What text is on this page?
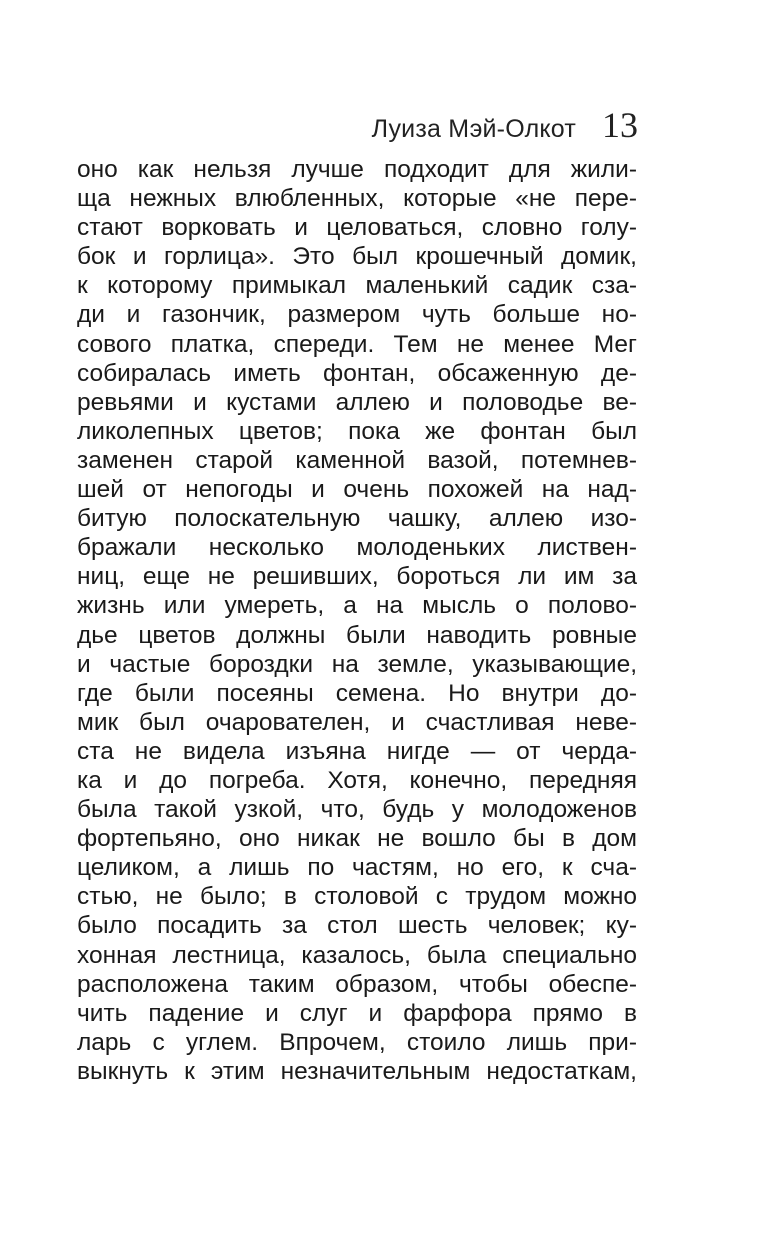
Луиза Мэй-Олкот 13
оно как нельзя лучше подходит для жили-
ща нежных влюбленных, которые «не пере-
стают ворковать и целоваться, словно голу-
бок и горлица». Это был крошечный домик,
к которому примыкал маленький садик сза-
ди и газончик, размером чуть больше но-
сового платка, спереди. Тем не менее Мег
собиралась иметь фонтан, обсаженную де-
ревьями и кустами аллею и половодье ве-
ликолепных цветов; пока же фонтан был
заменен старой каменной вазой, потемнев-
шей от непогоды и очень похожей на над-
битую полоскательную чашку, аллею изо-
бражали несколько молоденьких листвен-
ниц, еще не решивших, бороться ли им за
жизнь или умереть, а на мысль о полово-
дье цветов должны были наводить ровные
и частые бороздки на земле, указывающие,
где были посеяны семена. Но внутри до-
мик был очарователен, и счастливая неве-
ста не видела изъяна нигде — от черда-
ка и до погреба. Хотя, конечно, передняя
была такой узкой, что, будь у молодоженов
фортепьяно, оно никак не вошло бы в дом
целиком, а лишь по частям, но его, к сча-
стью, не было; в столовой с трудом можно
было посадить за стол шесть человек; ку-
хонная лестница, казалось, была специально
расположена таким образом, чтобы обеспе-
чить падение и слуг и фарфора прямо в
ларь с углем. Впрочем, стоило лишь при-
выкнуть к этим незначительным недостаткам,
